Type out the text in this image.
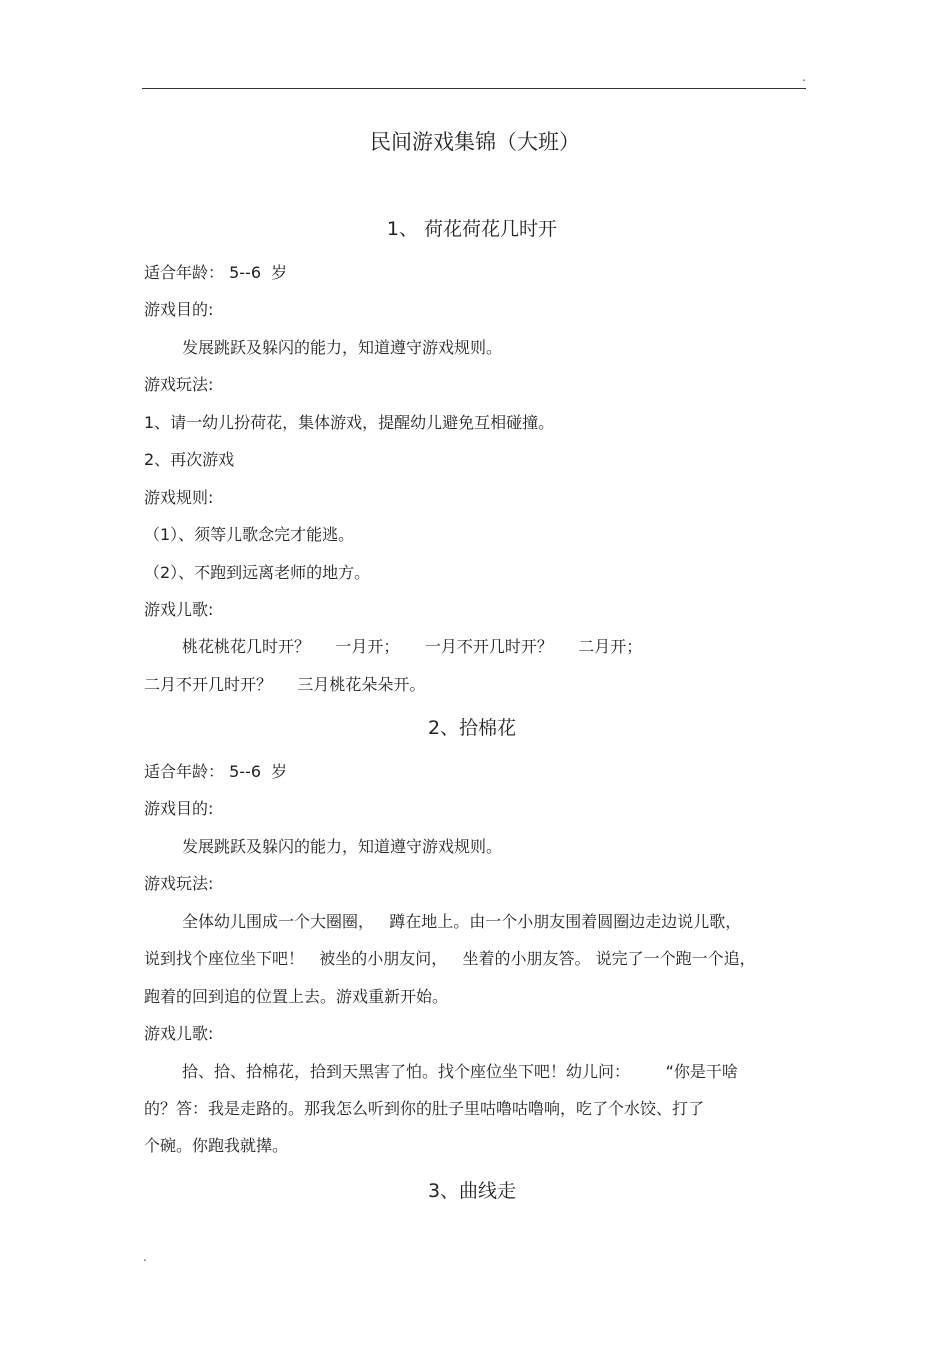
.
民间游戏集锦（大班）
1、 荷花荷花几时开
适合年龄： 5--6  岁
游戏目的:
发展跳跃及躲闪的能力，知道遵守游戏规则。
游戏玩法:
1、请一幼儿扮荷花，集体游戏，提醒幼儿避免互相碰撞。
2、再次游戏
游戏规则:
（1）、须等儿歌念完才能逃。
（2）、不跑到远离老师的地方。
游戏儿歌:
桃花桃花几时开？     一月开；     一月不开几时开？     二月开；
二月不开几时开？     三月桃花朵朵开。
2、拾棉花
适合年龄： 5--6  岁
游戏目的:
发展跳跃及躲闪的能力，知道遵守游戏规则。
游戏玩法:
全体幼儿围成一个大圈圈，   蹲在地上。由一个小朋友围着圆圈边走边说儿歌，
说到找个座位坐下吧！   被坐的小朋友问，   坐着的小朋友答。 说完了一个跑一个追，
跑着的回到追的位置上去。游戏重新开始。
游戏儿歌:
拾、拾、拾棉花，拾到天黑害了怕。找个座位坐下吧！幼儿问：       “你是干啥
的？答：我是走路的。那我怎么听到你的肚子里咕噜咕噜响，吃了个水饺、打了
个碗。你跑我就撵。
3、曲线走
.
